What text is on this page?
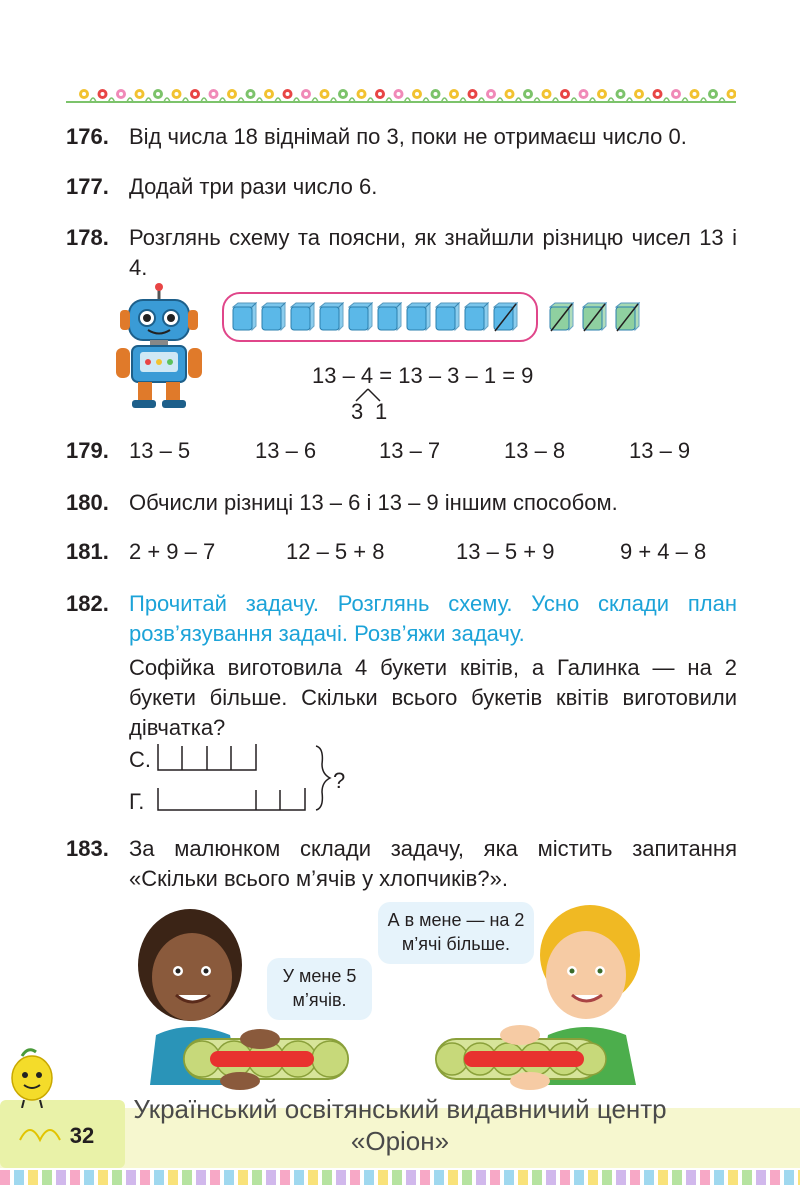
176. Від числа 18 віднімай по 3, поки не отримаєш число 0.
177. Додай три рази число 6.
178. Розглянь схему та поясни, як знайшли різницю чисел 13 і 4.
13 – 4 = 13 – 3 – 1 = 9
3 1
179. 13 – 5	13 – 6	13 – 7	13 – 8	13 – 9
180. Обчисли різниці 13 – 6 і 13 – 9 іншим способом.
181. 2 + 9 – 7	12 – 5 + 8	13 – 5 + 9	9 + 4 – 8
182. Прочитай задачу. Розглянь схему. Усно склади план розв’язування задачі. Розв’яжи задачу.
Софійка виготовила 4 букети квітів, а Галинка — на 2 букети більше. Скільки всього букетів квітів виготовили дівчатка?
С.
Г.
?
183. За малюнком склади задачу, яка містить запитання «Скільки всього м’ячів у хлопчиків?».
У мене 5 м’ячів.
А в мене — на 2 м’ячі більше.
32
Український освітянський видавничий центр
«Оріон»
